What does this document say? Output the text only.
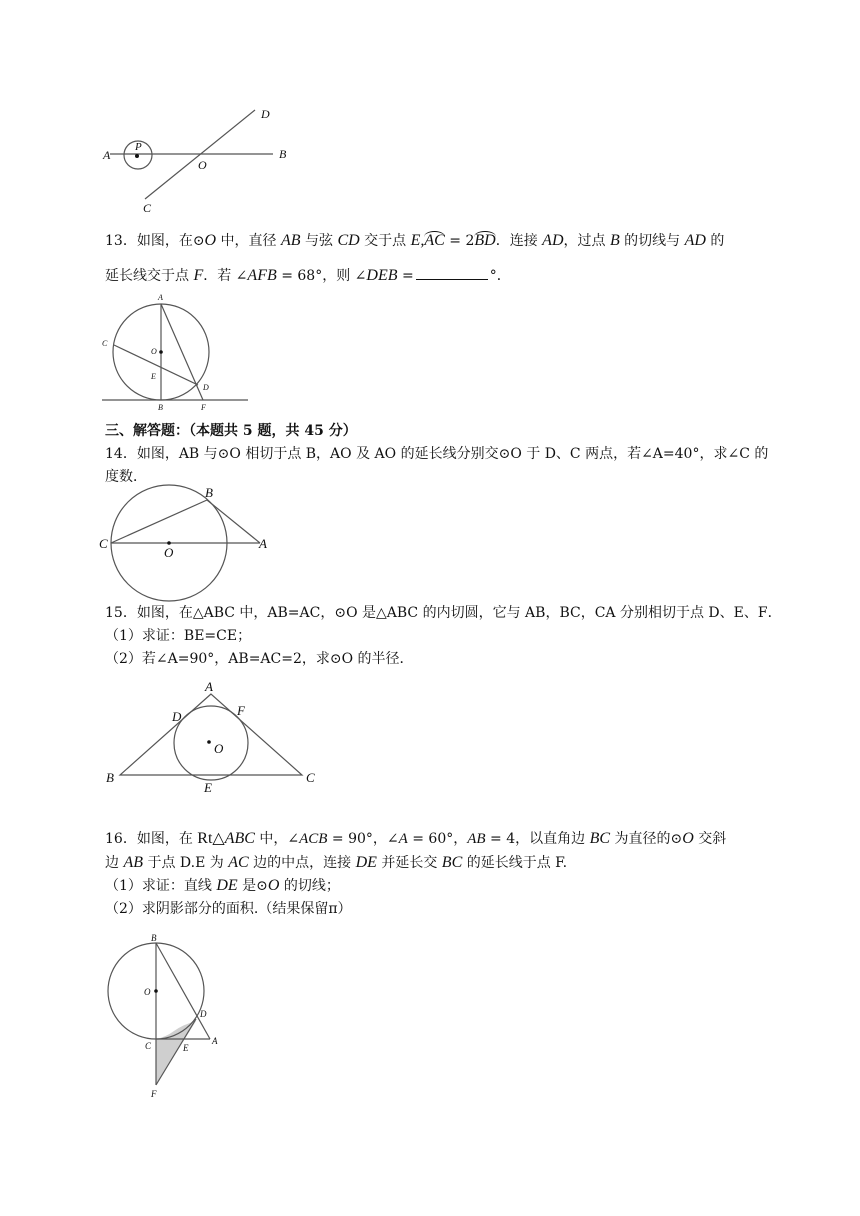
A	B
C
D
O
P
13．如图，在⊙O 中，直径 AB 与弦 CD 交于点 E,AC = 2BD．连接 AD，过点 B 的切线与 AD 的
延长线交于点 F．若 ∠AFB = 68°，则 ∠DEB =	°．
A
C
O
E
D
B	F
三、解答题：（本题共 5 题，共 45 分）
14．如图，AB 与⊙O 相切于点 B，AO 及 AO 的延长线分别交⊙O 于 D、C 两点，若∠A=40°，求∠C 的
度数．
B
C
O
A
15．如图，在△ABC 中，AB=AC，⊙O 是△ABC 的内切圆，它与 AB，BC，CA 分别相切于点 D、E、F．
（1）求证：BE=CE；
（2）若∠A=90°，AB=AC=2，求⊙O 的半径．
A
D	F
O
B
E
C
16．如图，在 Rt△ABC 中，∠ACB = 90°，∠A = 60°，AB = 4，以直角边 BC 为直径的⊙O 交斜
边 AB 于点 D.E 为 AC 边的中点，连接 DE 并延长交 BC 的延长线于点 F.
（1）求证：直线 DE 是⊙O 的切线；
（2）求阴影部分的面积.（结果保留π）
B
O
D
C	E
A
F
